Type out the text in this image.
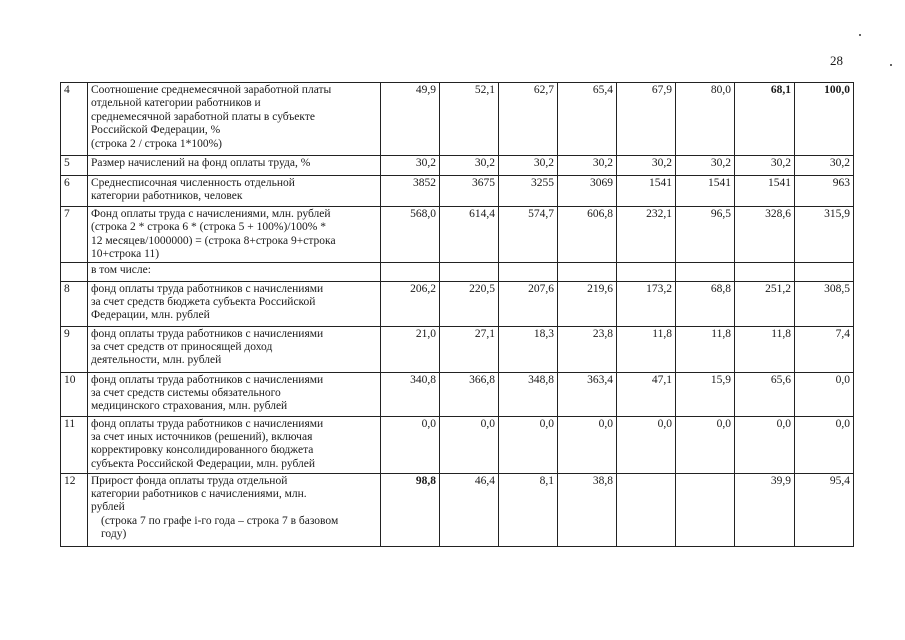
28
4	Соотношение среднемесячной заработной платы
отдельной категории работников и
среднемесячной заработной платы в субъекте
Российской Федерации, %
(строка 2 / строка 1*100%)	49,9	52,1	62,7	65,4	67,9	80,0	68,1	100,0
5	Размер начислений на фонд оплаты труда, %	30,2	30,2	30,2	30,2	30,2	30,2	30,2	30,2
6	Среднесписочная численность отдельной
категории работников, человек	3852	3675	3255	3069	1541	1541	1541	963
7	Фонд оплаты труда с начислениями, млн. рублей
(строка 2 * строка 6 * (строка 5 + 100%)/100% *
12 месяцев/1000000) = (строка 8+строка 9+строка
10+строка 11)	568,0	614,4	574,7	606,8	232,1	96,5	328,6	315,9
	в том числе:								
8	фонд оплаты труда работников с начислениями
за счет средств бюджета субъекта Российской
Федерации, млн. рублей	206,2	220,5	207,6	219,6	173,2	68,8	251,2	308,5
9	фонд оплаты труда работников с начислениями
за счет средств от приносящей доход
деятельности, млн. рублей	21,0	27,1	18,3	23,8	11,8	11,8	11,8	7,4
10	фонд оплаты труда работников с начислениями
за счет средств системы обязательного
медицинского страхования, млн. рублей	340,8	366,8	348,8	363,4	47,1	15,9	65,6	0,0
11	фонд оплаты труда работников с начислениями
за счет иных источников (решений), включая
корректировку консолидированного бюджета
субъекта Российской Федерации, млн. рублей	0,0	0,0	0,0	0,0	0,0	0,0	0,0	0,0
12	Прирост фонда оплаты труда отдельной
категории работников с начислениями, млн.
рублей
(строка 7 по графе i-го года – строка 7 в базовом
году)	98,8	46,4	8,1	38,8			39,9	95,4
